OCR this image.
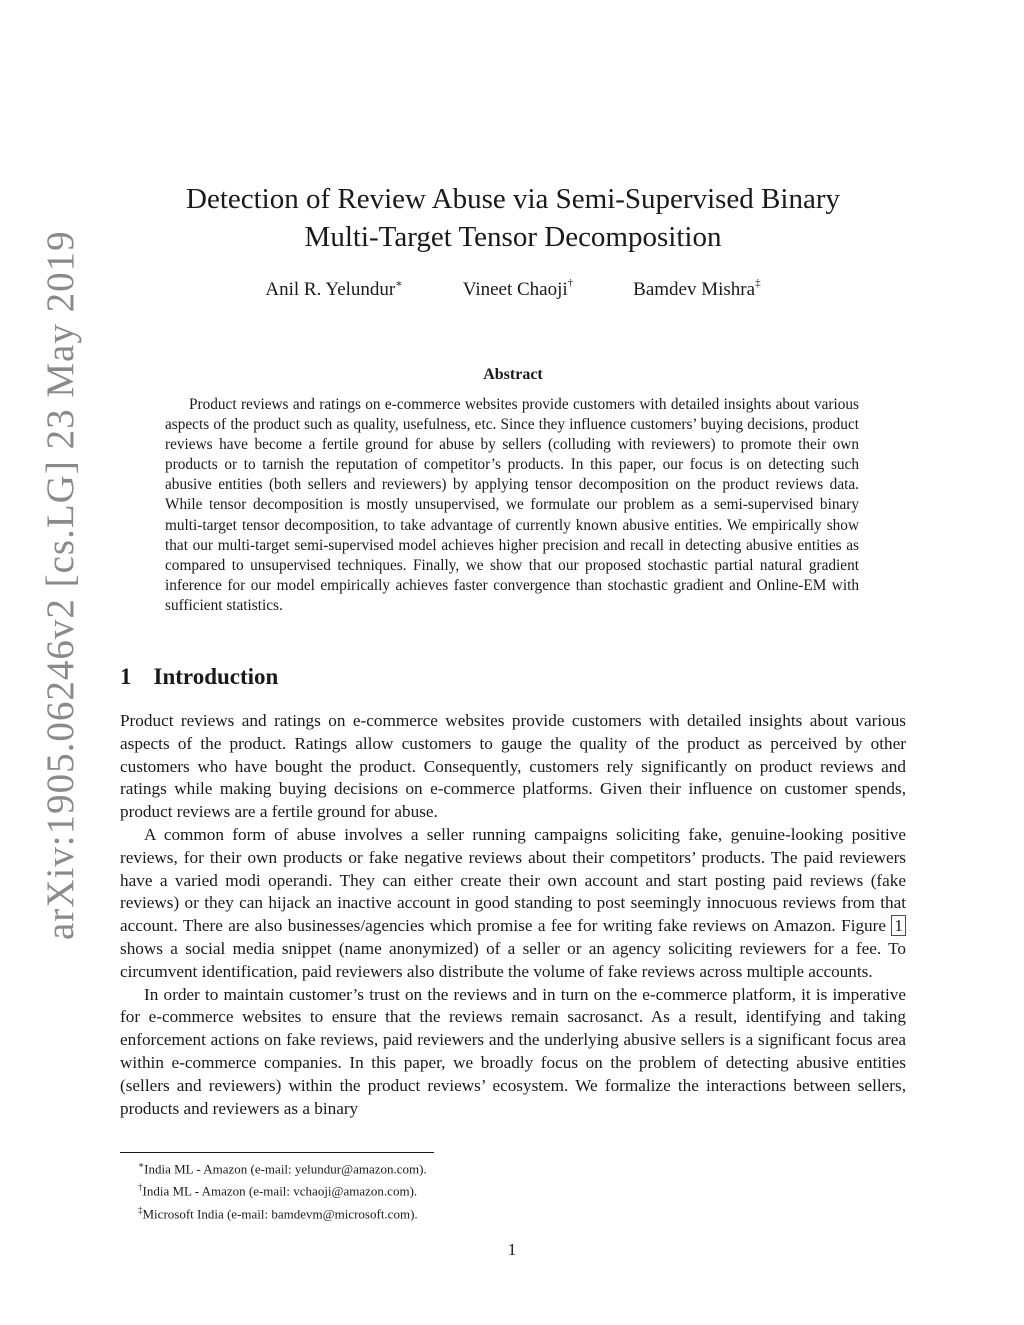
arXiv:1905.06246v2 [cs.LG] 23 May 2019
Detection of Review Abuse via Semi-Supervised Binary
Multi-Target Tensor Decomposition
Anil R. Yelundur∗	Vineet Chaoji†	Bamdev Mishra‡
Abstract

Product reviews and ratings on e-commerce websites provide customers with detailed insights about various aspects of the product such as quality, usefulness, etc. Since they influence customers’ buying decisions, product reviews have become a fertile ground for abuse by sellers (colluding with reviewers) to promote their own products or to tarnish the reputation of competitor’s products. In this paper, our focus is on detecting such abusive entities (both sellers and reviewers) by applying tensor decomposition on the product reviews data. While tensor decomposition is mostly unsupervised, we formulate our problem as a semi-supervised binary multi-target tensor decomposition, to take advantage of currently known abusive entities. We empirically show that our multi-target semi-supervised model achieves higher precision and recall in detecting abusive entities as compared to unsupervised techniques. Finally, we show that our proposed stochastic partial natural gradient inference for our model empirically achieves faster convergence than stochastic gradient and Online-EM with sufficient statistics.

1 Introduction

Product reviews and ratings on e-commerce websites provide customers with detailed insights about various aspects of the product. Ratings allow customers to gauge the quality of the product as perceived by other customers who have bought the product. Consequently, customers rely significantly on product reviews and ratings while making buying decisions on e-commerce platforms. Given their influence on customer spends, product reviews are a fertile ground for abuse.

A common form of abuse involves a seller running campaigns soliciting fake, genuine-looking positive reviews, for their own products or fake negative reviews about their competitors’ products. The paid reviewers have a varied modi operandi. They can either create their own account and start posting paid reviews (fake reviews) or they can hijack an inactive account in good standing to post seemingly innocuous reviews from that account. There are also businesses/agencies which promise a fee for writing fake reviews on Amazon. Figure 1 shows a social media snippet (name anonymized) of a seller or an agency soliciting reviewers for a fee. To circumvent identification, paid reviewers also distribute the volume of fake reviews across multiple accounts.

In order to maintain customer’s trust on the reviews and in turn on the e-commerce platform, it is imperative for e-commerce websites to ensure that the reviews remain sacrosanct. As a result, identifying and taking enforcement actions on fake reviews, paid reviewers and the underlying abusive sellers is a significant focus area within e-commerce companies. In this paper, we broadly focus on the problem of detecting abusive entities (sellers and reviewers) within the product reviews’ ecosystem. We formalize the interactions between sellers, products and reviewers as a binary

∗India ML - Amazon (e-mail: yelundur@amazon.com).
†India ML - Amazon (e-mail: vchaoji@amazon.com).
‡Microsoft India (e-mail: bamdevm@microsoft.com).
1
